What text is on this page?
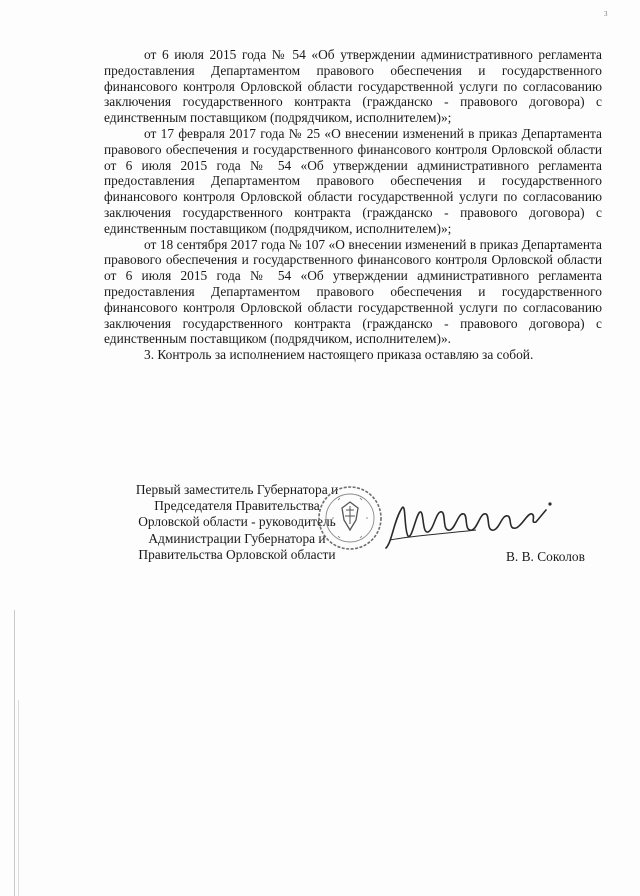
3

от 6 июля 2015 года № 54 «Об утверждении административного регламента предоставления Департаментом правового обеспечения и государственного финансового контроля Орловской области государственной услуги по согласованию заключения государственного контракта (гражданско - правового договора) с единственным поставщиком (подрядчиком, исполнителем)»;

от 17 февраля 2017 года № 25 «О внесении изменений в приказ Департамента правового обеспечения и государственного финансового контроля Орловской области от 6 июля 2015 года № 54 «Об утверждении административного регламента предоставления Департаментом правового обеспечения и государственного финансового контроля Орловской области государственной услуги по согласованию заключения государственного контракта (гражданско - правового договора) с единственным поставщиком (подрядчиком, исполнителем)»;

от 18 сентября 2017 года № 107 «О внесении изменений в приказ Департамента правового обеспечения и государственного финансового контроля Орловской области от 6 июля 2015 года № 54 «Об утверждении административного регламента предоставления Департаментом правового обеспечения и государственного финансового контроля Орловской области государственной услуги по согласованию заключения государственного контракта (гражданско - правового договора) с единственным поставщиком (подрядчиком, исполнителем)».

3. Контроль за исполнением настоящего приказа оставляю за собой.

Первый заместитель Губернатора и
Председателя Правительства
Орловской области - руководитель
Администрации Губернатора и
Правительства Орловской области	В. В. Соколов
